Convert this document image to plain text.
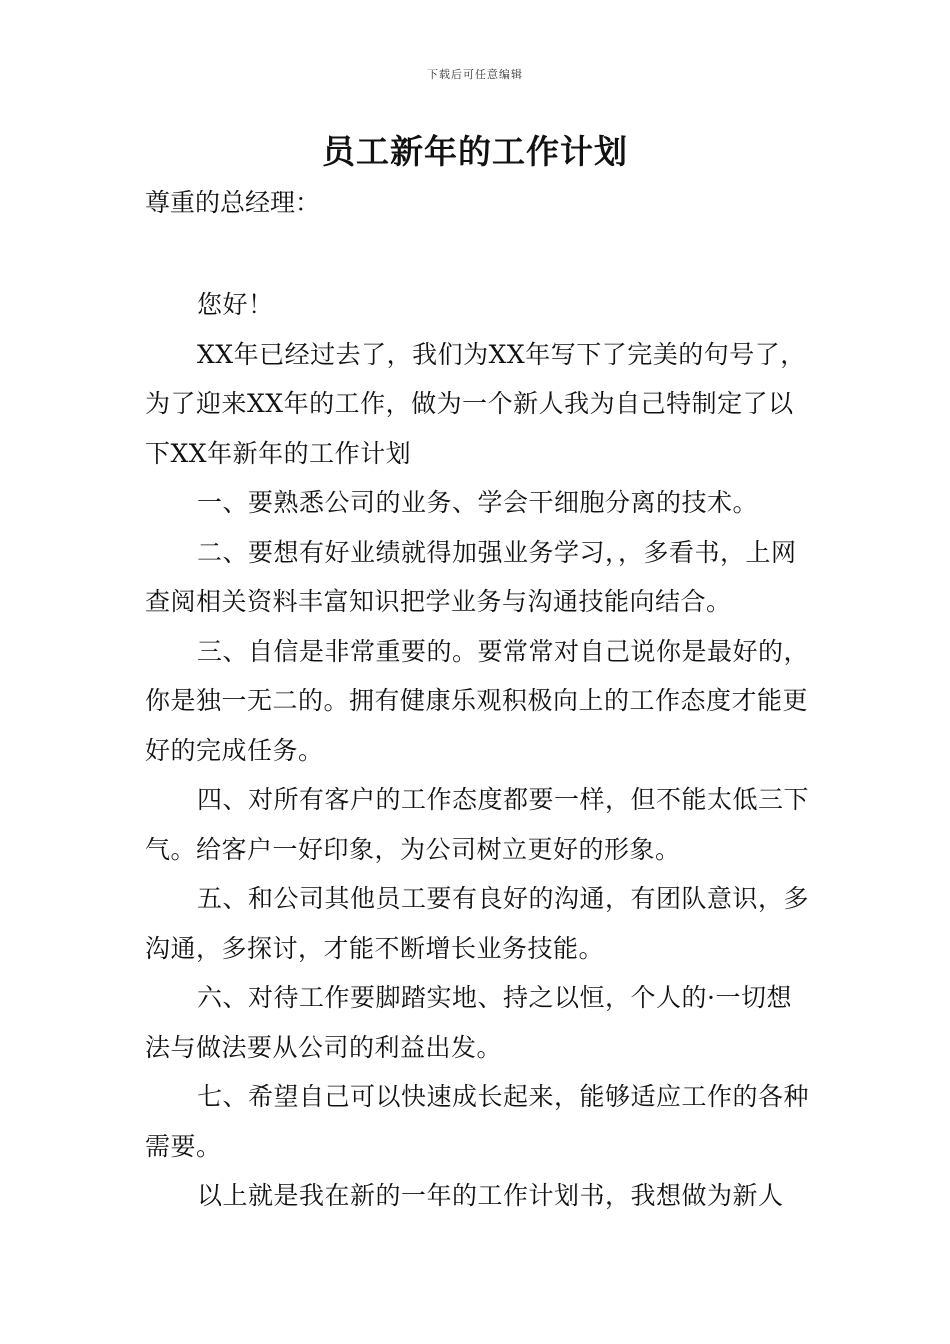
下载后可任意编辑
员工新年的工作计划
尊重的总经理：

您好！

XX年已经过去了，我们为XX年写下了完美的句号了，为了迎来XX年的工作，做为一个新人我为自己特制定了以下XX年新年的工作计划

一、要熟悉公司的业务、学会干细胞分离的技术。

二、要想有好业绩就得加强业务学习，，多看书，上网查阅相关资料丰富知识把学业务与沟通技能向结合。

三、自信是非常重要的。要常常对自己说你是最好的，你是独一无二的。拥有健康乐观积极向上的工作态度才能更好的完成任务。

四、对所有客户的工作态度都要一样，但不能太低三下气。给客户一好印象，为公司树立更好的形象。

五、和公司其他员工要有良好的沟通，有团队意识，多沟通，多探讨，才能不断增长业务技能。

六、对待工作要脚踏实地、持之以恒，个人的·一切想法与做法要从公司的利益出发。

七、希望自己可以快速成长起来，能够适应工作的各种需要。

以上就是我在新的一年的工作计划书，我想做为新人
